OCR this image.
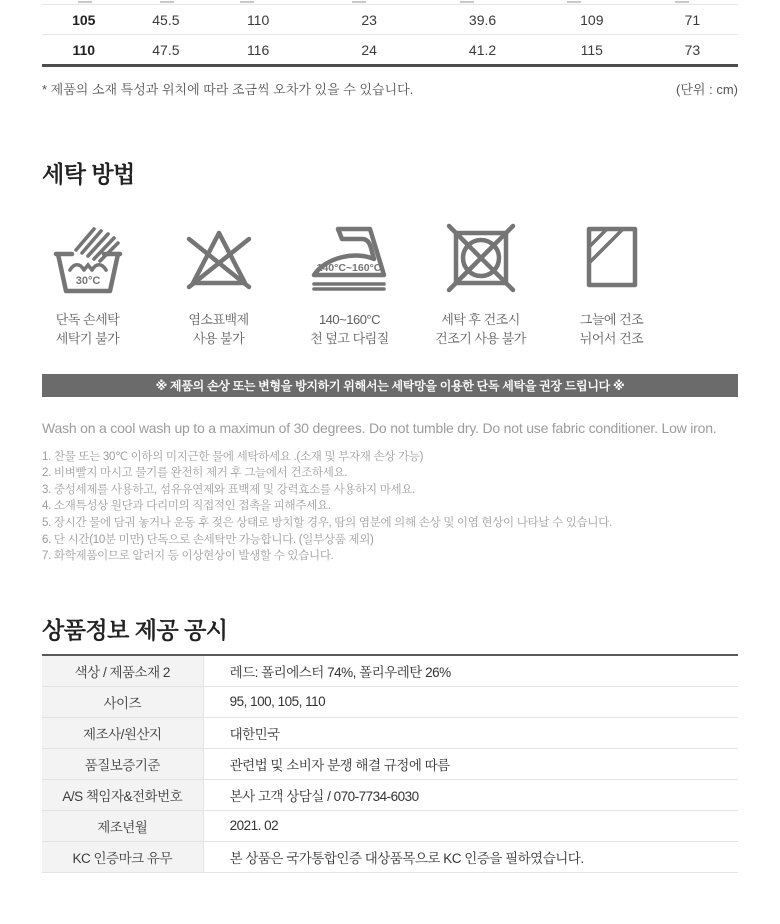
105	45.5	110	23	39.6	109	71
110	47.5	116	24	41.2	115	73
* 제품의 소재 특성과 위치에 따라 조금씩 오차가 있을 수 있습니다.	(단위 : cm)
세탁 방법
30°C
단독 손세탁
세탁기 불가
염소표백제
사용 불가
140°C~160°C
140~160°C
천 덮고 다림질
세탁 후 건조시
건조기 사용 불가
그늘에 건조
뉘어서 건조
※ 제품의 손상 또는 변형을 방지하기 위해서는 세탁망을 이용한 단독 세탁을 권장 드립니다 ※
Wash on a cool wash up to a maximun of 30 degrees. Do not tumble dry. Do not use fabric conditioner. Low iron.
1. 찬물 또는 30℃ 이하의 미지근한 물에 세탁하세요 .(소재 및 부자재 손상 가능)
2. 비벼빨지 마시고 물기를 완전히 제거 후 그늘에서 건조하세요.
3. 중성세제를 사용하고, 섬유유연제와 표백제 및 강력효소를 사용하지 마세요.
4. 소재특성상 원단과 다리미의 직접적인 접촉을 피해주세요.
5. 장시간 물에 담궈 놓거나 운동 후 젖은 상태로 방치할 경우, 땀의 염분에 의해 손상 및 이염 현상이 나타날 수 있습니다.
6. 단 시간(10분 미만) 단독으로 손세탁만 가능합니다. (일부상품 제외)
7. 화학제품이므로 알러지 등 이상현상이 발생할 수 있습니다.
상품정보 제공 공시
색상 / 제품소재 2	레드: 폴리에스터 74%, 폴리우레탄 26%
사이즈	95, 100, 105, 110
제조사/원산지	대한민국
품질보증기준	관련법 및 소비자 분쟁 해결 규정에 따름
A/S 책임자&전화번호	본사 고객 상담실 / 070-7734-6030
제조년월	2021. 02
KC 인증마크 유무	본 상품은 국가통합인증 대상품목으로 KC 인증을 필하였습니다.
